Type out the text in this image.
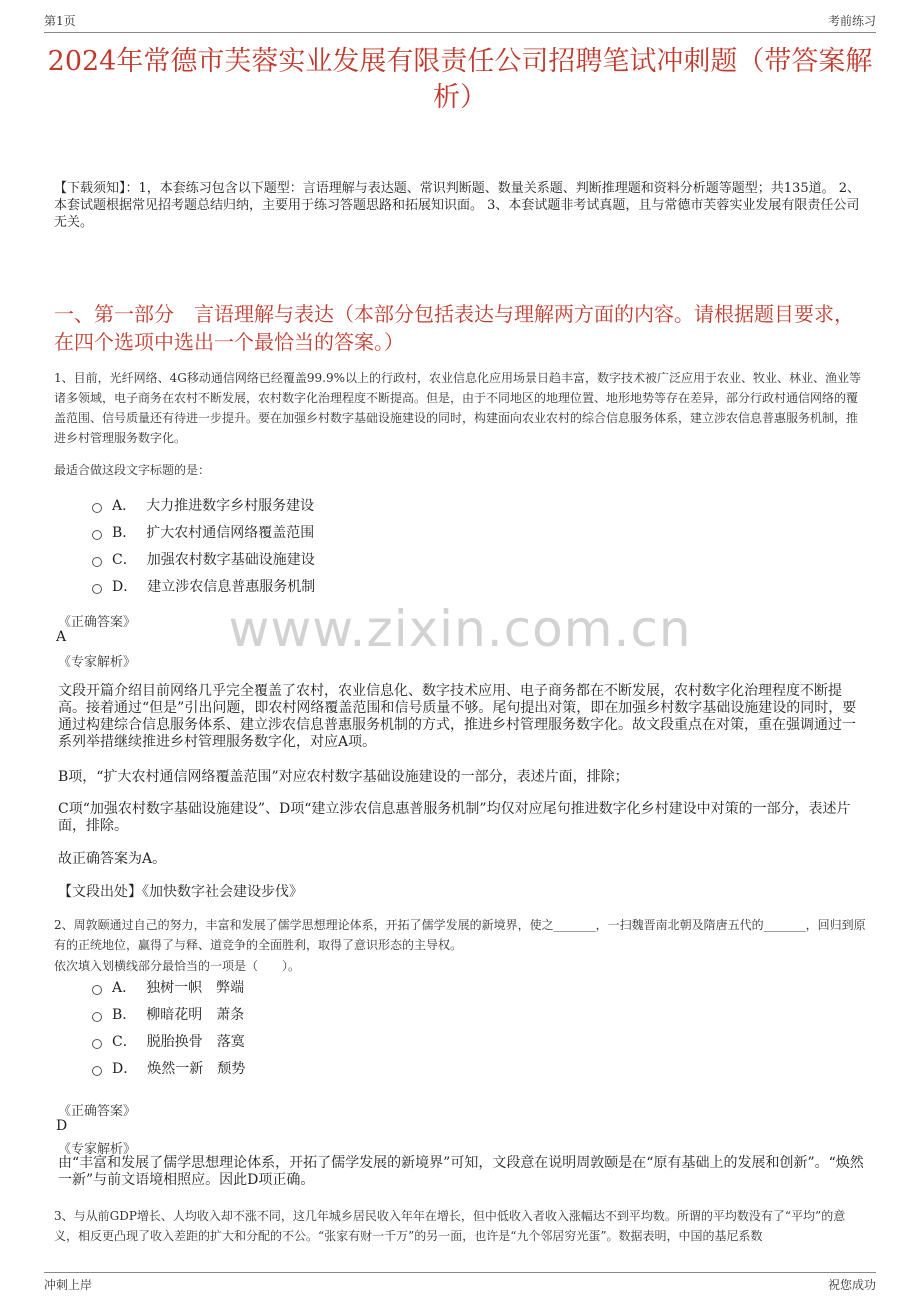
第1页	考前练习
2024年常德市芙蓉实业发展有限责任公司招聘笔试冲刺题（带答案解析）
【下载须知】：1，本套练习包含以下题型：言语理解与表达题、常识判断题、数量关系题、判断推理题和资料分析题等题型；共135道。 2、本套试题根据常见招考题总结归纳，主要用于练习答题思路和拓展知识面。 3、本套试题非考试真题，且与常德市芙蓉实业发展有限责任公司无关。
一、第一部分　言语理解与表达（本部分包括表达与理解两方面的内容。请根据题目要求，在四个选项中选出一个最恰当的答案。）
1、目前，光纤网络、4G移动通信网络已经覆盖99.9%以上的行政村，农业信息化应用场景日趋丰富，数字技术被广泛应用于农业、牧业、林业、渔业等诸多领域，电子商务在农村不断发展，农村数字化治理程度不断提高。但是，由于不同地区的地理位置、地形地势等存在差异，部分行政村通信网络的覆盖范围、信号质量还有待进一步提升。要在加强乡村数字基础设施建设的同时，构建面向农业农村的综合信息服务体系，建立涉农信息普惠服务机制，推进乡村管理服务数字化。
最适合做这段文字标题的是：
A． 大力推进数字乡村服务建设
B． 扩大农村通信网络覆盖范围
C． 加强农村数字基础设施建设
D． 建立涉农信息普惠服务机制
《正确答案》
A
《专家解析》
文段开篇介绍目前网络几乎完全覆盖了农村，农业信息化、数字技术应用、电子商务都在不断发展，农村数字化治理程度不断提高。接着通过“但是”引出问题，即农村网络覆盖范围和信号质量不够。尾句提出对策，即在加强乡村数字基础设施建设的同时，要通过构建综合信息服务体系、建立涉农信息普惠服务机制的方式，推进乡村管理服务数字化。故文段重点在对策，重在强调通过一系列举措继续推进乡村管理服务数字化，对应A项。
B项，“扩大农村通信网络覆盖范围”对应农村数字基础设施建设的一部分，表述片面，排除；
C项“加强农村数字基础设施建设”、D项“建立涉农信息惠普服务机制”均仅对应尾句推进数字化乡村建设中对策的一部分，表述片面，排除。
故正确答案为A。
【文段出处】《加快数字社会建设步伐》
2、周敦颐通过自己的努力，丰富和发展了儒学思想理论体系，开拓了儒学发展的新境界，使之_______，一扫魏晋南北朝及隋唐五代的_______，回归到原有的正统地位，赢得了与释、道竞争的全面胜利，取得了意识形态的主导权。
依次填入划横线部分最恰当的一项是（　　）。
A． 独树一帜 弊端
B． 柳暗花明 萧条
C． 脱胎换骨 落寞
D． 焕然一新 颓势
《正确答案》
D
《专家解析》
由“丰富和发展了儒学思想理论体系，开拓了儒学发展的新境界”可知，文段意在说明周敦颐是在“原有基础上的发展和创新”。“焕然一新”与前文语境相照应。因此D项正确。
3、与从前GDP增长、人均收入却不涨不同，这几年城乡居民收入年年在增长，但中低收入者收入涨幅达不到平均数。所谓的平均数没有了“平均”的意义，相反更凸现了收入差距的扩大和分配的不公。“张家有财一千万”的另一面，也许是“九个邻居穷光蛋”。数据表明，中国的基尼系数
www.zixin.com.cn
冲刺上岸	祝您成功
